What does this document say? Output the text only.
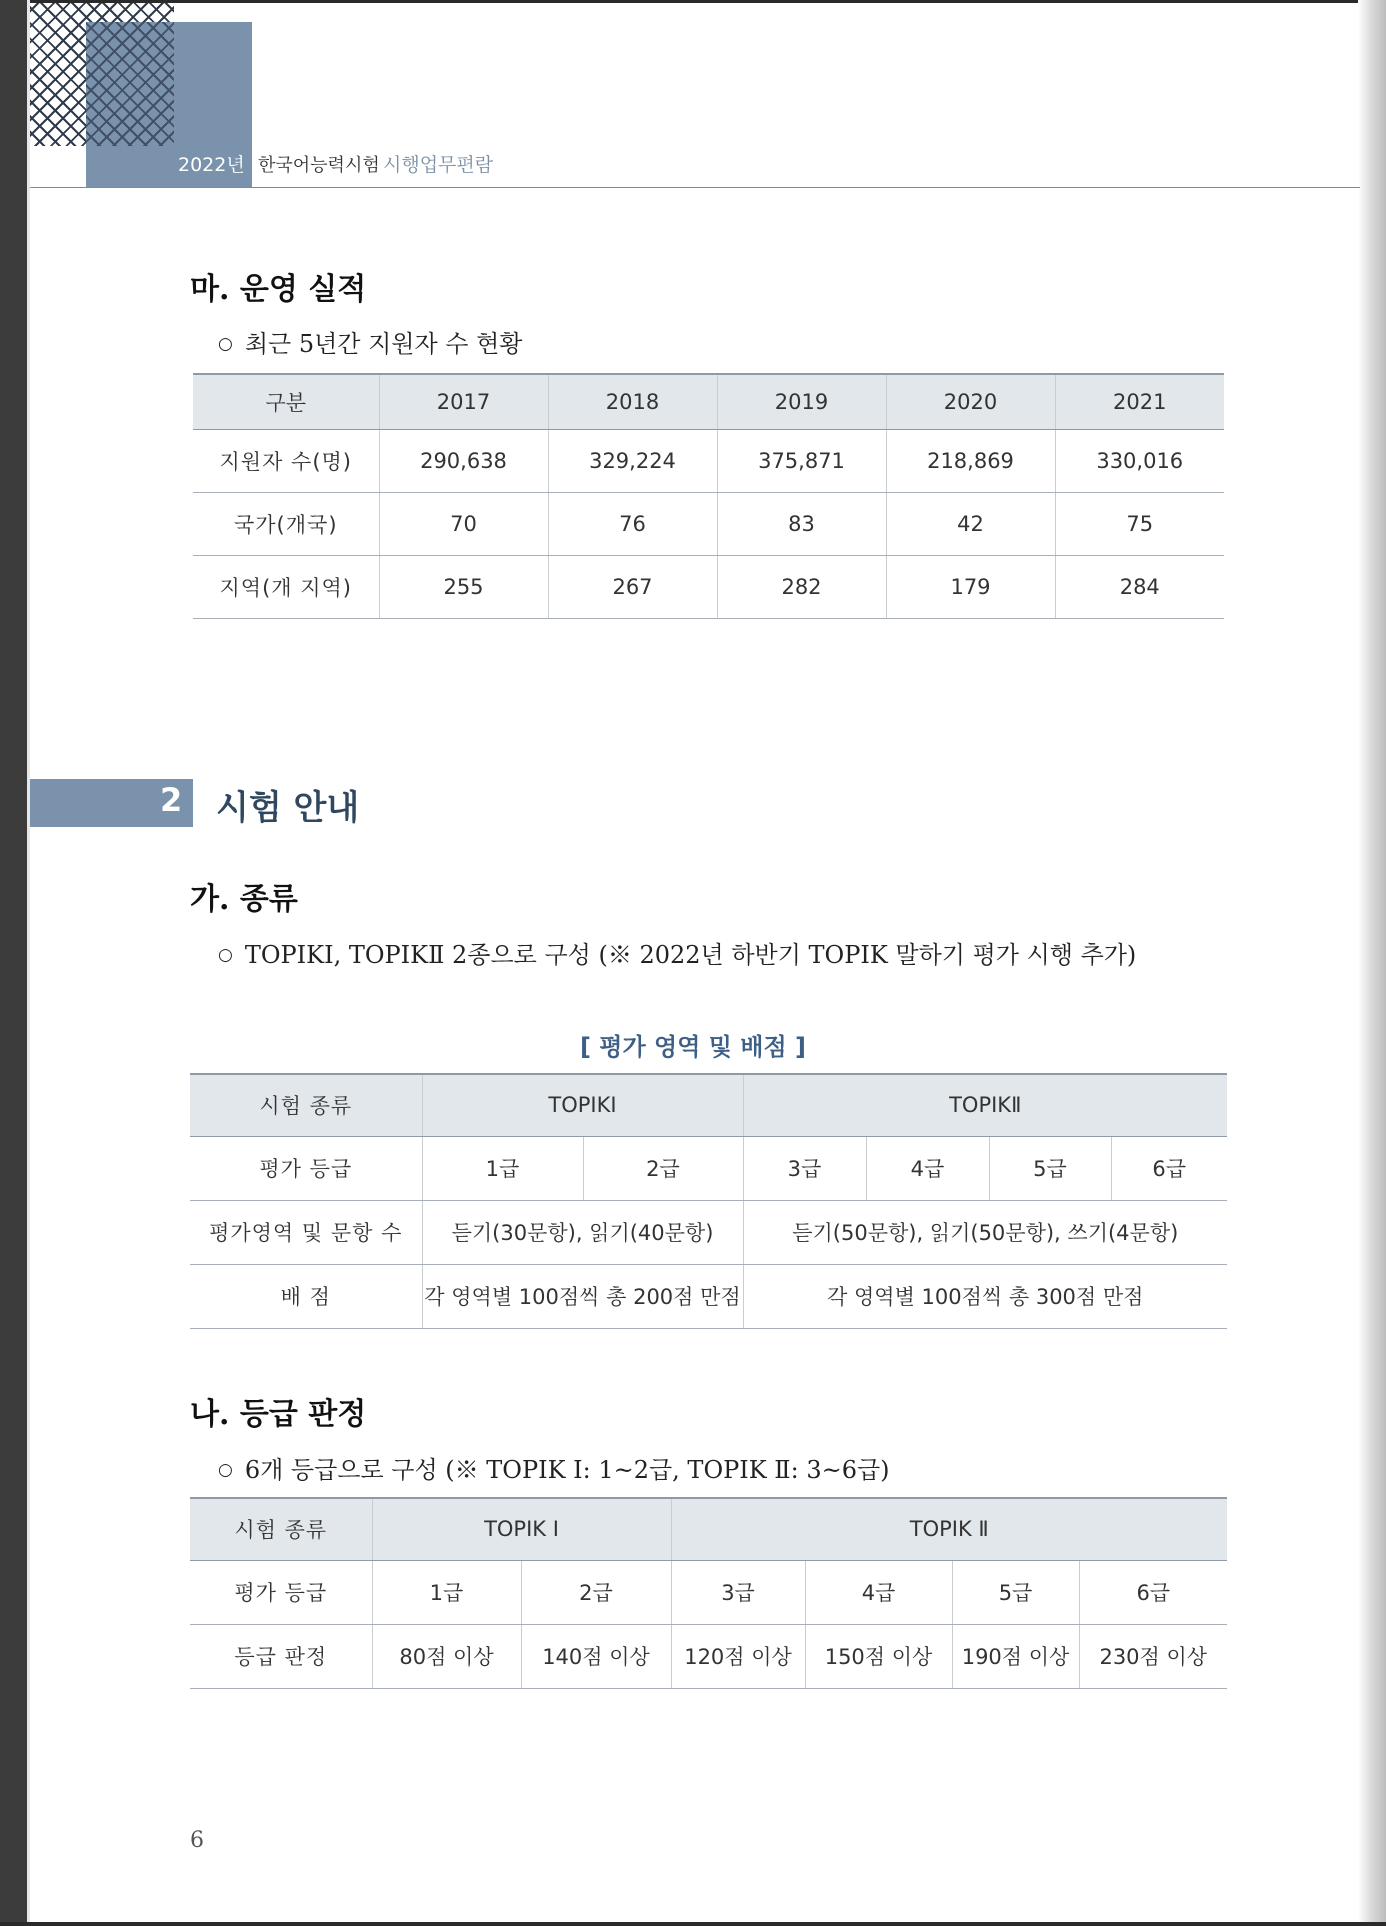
2022년 한국어능력시험 시행업무편람
마. 운영 실적

○ 최근 5년간 지원자 수 현황

구분	2017	2018	2019	2020	2021
지원자 수(명)	290,638	329,224	375,871	218,869	330,016
국가(개국)	70	76	83	42	75
지역(개 지역)	255	267	282	179	284
2 시험 안내
가. 종류

○ TOPIKⅠ, TOPIKⅡ 2종으로 구성 (※ 2022년 하반기 TOPIK 말하기 평가 시행 추가)

[ 평가 영역 및 배점 ]
시험 종류	TOPIKⅠ		TOPIKⅡ			
평가 등급	1급	2급	3급	4급	5급	6급
평가영역 및 문항 수	듣기(30문항), 읽기(40문항)		듣기(50문항), 읽기(50문항), 쓰기(4문항)			
배 점	각 영역별 100점씩 총 200점 만점		각 영역별 100점씩 총 300점 만점			
나. 등급 판정

○ 6개 등급으로 구성 (※ TOPIK Ⅰ: 1~2급, TOPIK Ⅱ: 3~6급)

시험 종류	TOPIK Ⅰ		TOPIK Ⅱ			
평가 등급	1급	2급	3급	4급	5급	6급
등급 판정	80점 이상	140점 이상	120점 이상	150점 이상	190점 이상	230점 이상
6
